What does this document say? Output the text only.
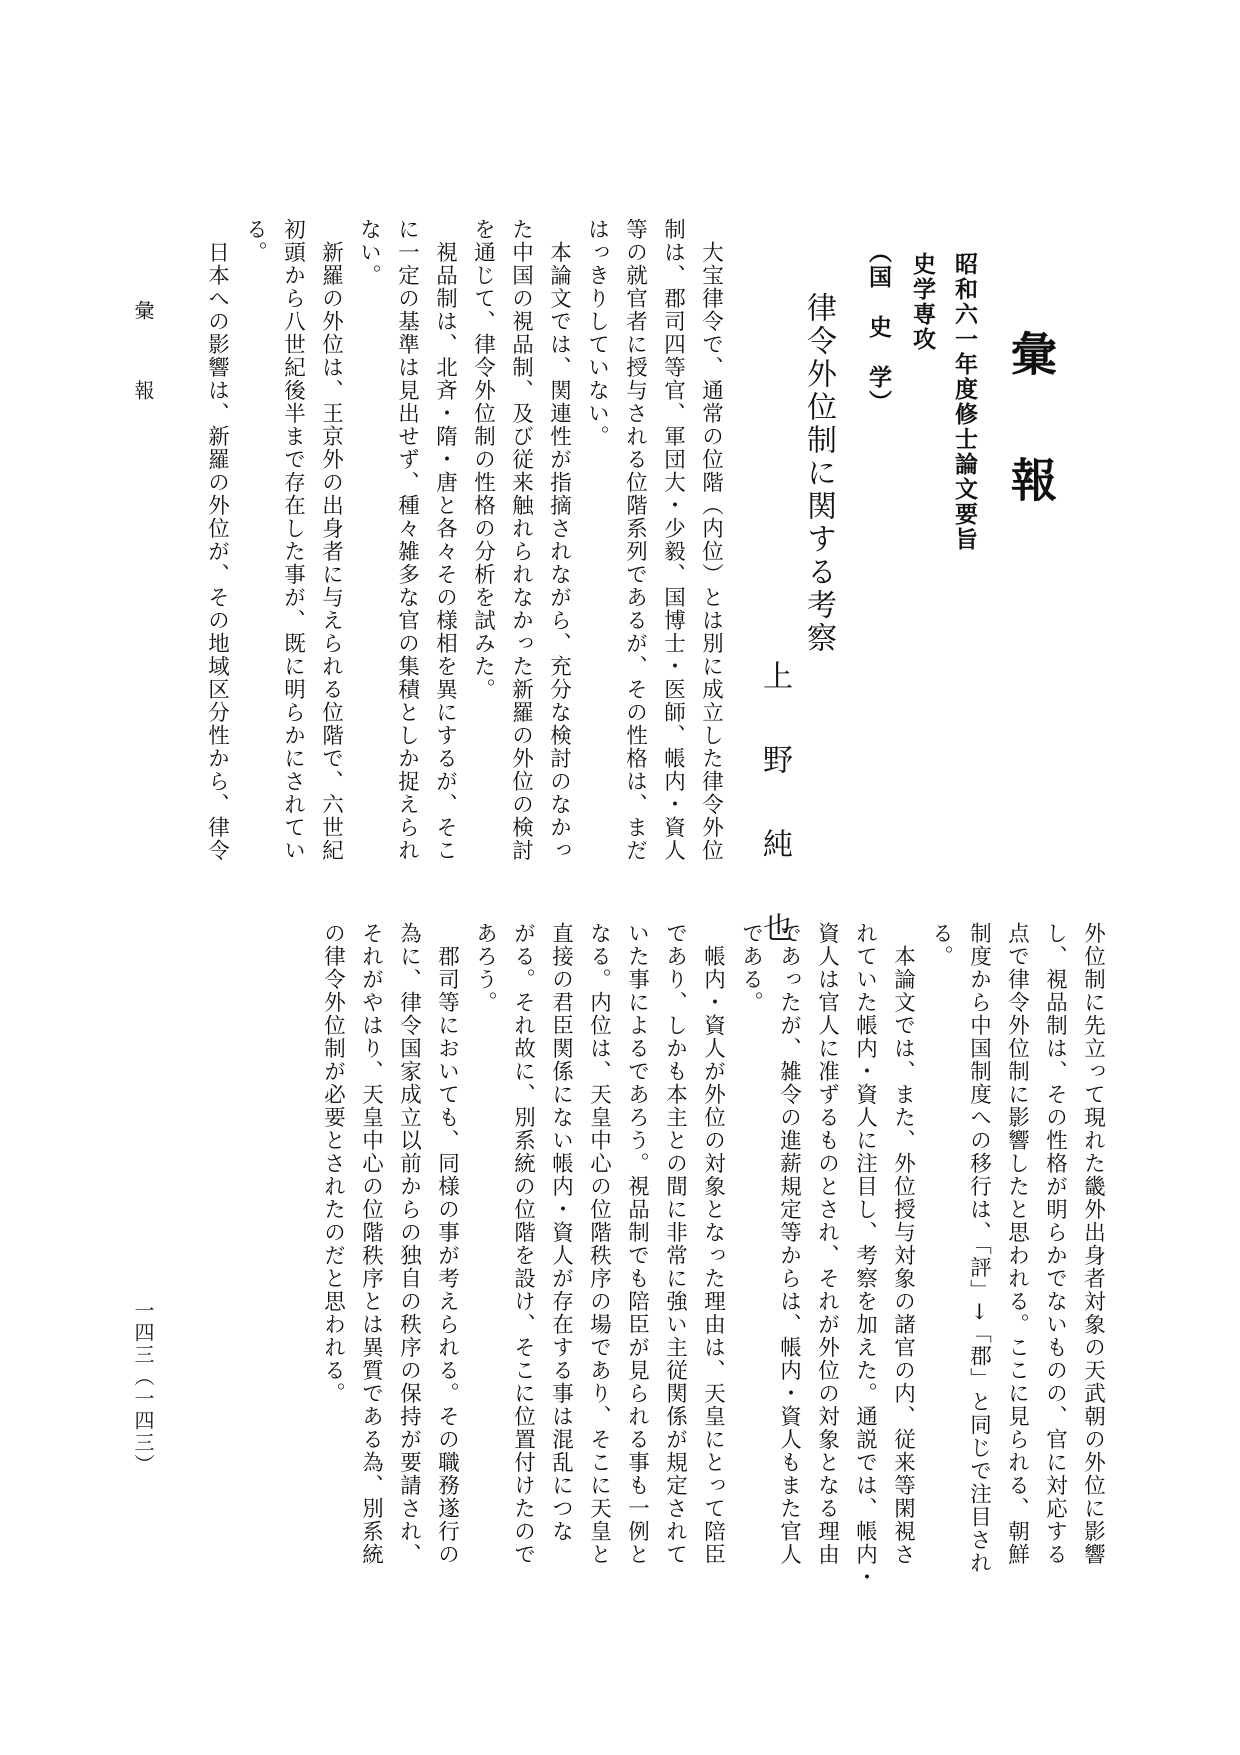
彙報
昭和六一年度修士論文要旨
史学専攻
（国　史　学）
律令外位制に関する考察
上　野　純　也

大宝律令で、通常の位階（内位）とは別に成立した律令外位

制は、郡司四等官、軍団大・少毅、国博士・医師、帳内・資人

等の就官者に授与される位階系列であるが、その性格は、まだ

はっきりしていない。

本論文では、関連性が指摘されながら、充分な検討のなかっ

た中国の視品制、及び従来触れられなかった新羅の外位の検討

を通じて、律令外位制の性格の分析を試みた。

視品制は、北斉・隋・唐と各々その様相を異にするが、そこ

に一定の基準は見出せず、種々雑多な官の集積としか捉えられ

ない。

新羅の外位は、王京外の出身者に与えられる位階で、六世紀

初頭から八世紀後半まで存在した事が、既に明らかにされてい

る。

日本への影響は、新羅の外位が、その地域区分性から、律令

外位制に先立って現れた畿外出身者対象の天武朝の外位に影響

し、視品制は、その性格が明らかでないものの、官に対応する

点で律令外位制に影響したと思われる。ここに見られる、朝鮮

制度から中国制度への移行は、「評」→「郡」と同じで注目され

る。

本論文では、また、外位授与対象の諸官の内、従来等閑視さ

れていた帳内・資人に注目し、考察を加えた。通説では、帳内・

資人は官人に准ずるものとされ、それが外位の対象となる理由

であったが、雑令の進薪規定等からは、帳内・資人もまた官人

である。

帳内・資人が外位の対象となった理由は、天皇にとって陪臣

であり、しかも本主との間に非常に強い主従関係が規定されて

いた事によるであろう。視品制でも陪臣が見られる事も一例と

なる。内位は、天皇中心の位階秩序の場であり、そこに天皇と

直接の君臣関係にない帳内・資人が存在する事は混乱につな

がる。それ故に、別系統の位階を設け、そこに位置付けたので

あろう。

郡司等においても、同様の事が考えられる。その職務遂行の

為に、律令国家成立以前からの独自の秩序の保持が要請され、

それがやはり、天皇中心の位階秩序とは異質である為、別系統

の律令外位制が必要とされたのだと思われる。

彙　　　報
一四三（一四三）
